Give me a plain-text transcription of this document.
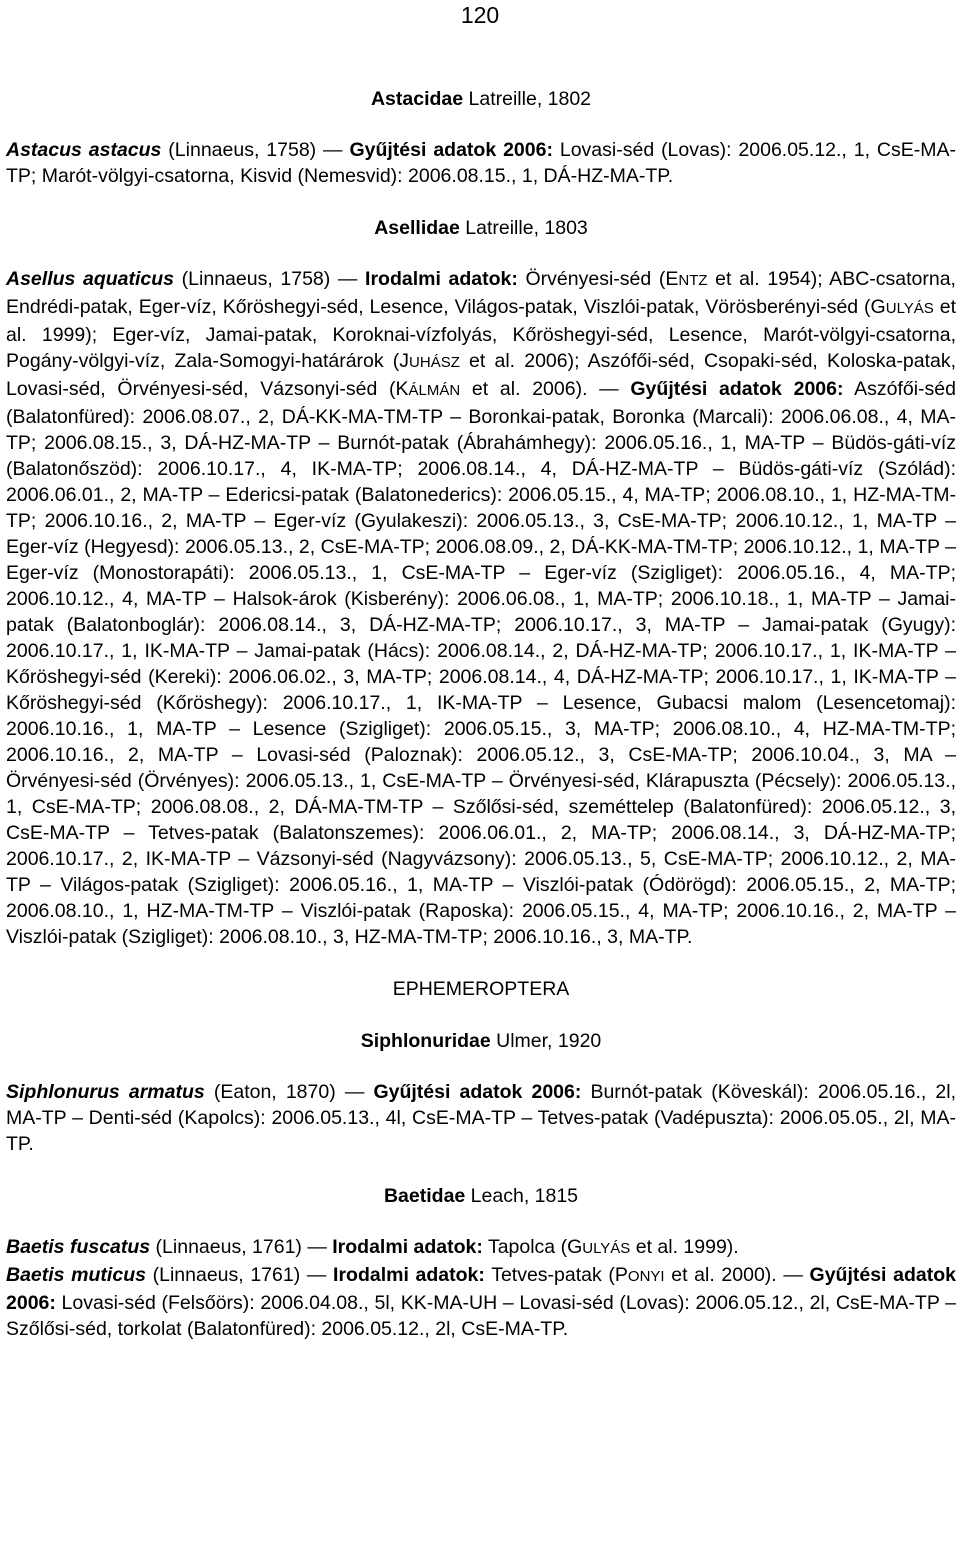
120
Astacidae Latreille, 1802

Astacus astacus (Linnaeus, 1758) — Gyűjtési adatok 2006: Lovasi-séd (Lovas): 2006.05.12., 1, CsE-MA-TP; Marót-völgyi-csatorna, Kisvid (Nemesvid): 2006.08.15., 1, DÁ-HZ-MA-TP.

Asellidae Latreille, 1803

Asellus aquaticus (Linnaeus, 1758) — Irodalmi adatok: Örvényesi-séd (ENTZ et al. 1954); ABC-csatorna, Endrédi-patak, Eger-víz, Kőröshegyi-séd, Lesence, Világos-patak, Viszlói-patak, Vörösberényi-séd (GULYÁS et al. 1999); Eger-víz, Jamai-patak, Koroknai-vízfolyás, Kőröshegyi-séd, Lesence, Marót-völgyi-csatorna, Pogány-völgyi-víz, Zala-Somogyi-határárok (JUHÁSZ et al. 2006); Aszófői-séd, Csopaki-séd, Koloska-patak, Lovasi-séd, Örvényesi-séd, Vázsonyi-séd (KÁLMÁN et al. 2006). — Gyűjtési adatok 2006: Aszófői-séd (Balatonfüred): 2006.08.07., 2, DÁ-KK-MA-TM-TP – Boronkai-patak, Boronka (Marcali): 2006.06.08., 4, MA-TP; 2006.08.15., 3, DÁ-HZ-MA-TP – Burnót-patak (Ábrahámhegy): 2006.05.16., 1, MA-TP – Büdös-gáti-víz (Balatonőszöd): 2006.10.17., 4, IK-MA-TP; 2006.08.14., 4, DÁ-HZ-MA-TP – Büdös-gáti-víz (Szólád): 2006.06.01., 2, MA-TP – Edericsi-patak (Balatonederics): 2006.05.15., 4, MA-TP; 2006.08.10., 1, HZ-MA-TM-TP; 2006.10.16., 2, MA-TP – Eger-víz (Gyulakeszi): 2006.05.13., 3, CsE-MA-TP; 2006.10.12., 1, MA-TP – Eger-víz (Hegyesd): 2006.05.13., 2, CsE-MA-TP; 2006.08.09., 2, DÁ-KK-MA-TM-TP; 2006.10.12., 1, MA-TP – Eger-víz (Monostorapáti): 2006.05.13., 1, CsE-MA-TP – Eger-víz (Szigliget): 2006.05.16., 4, MA-TP; 2006.10.12., 4, MA-TP – Halsok-árok (Kisberény): 2006.06.08., 1, MA-TP; 2006.10.18., 1, MA-TP – Jamai-patak (Balatonboglár): 2006.08.14., 3, DÁ-HZ-MA-TP; 2006.10.17., 3, MA-TP – Jamai-patak (Gyugy): 2006.10.17., 1, IK-MA-TP – Jamai-patak (Hács): 2006.08.14., 2, DÁ-HZ-MA-TP; 2006.10.17., 1, IK-MA-TP – Kőröshegyi-séd (Kereki): 2006.06.02., 3, MA-TP; 2006.08.14., 4, DÁ-HZ-MA-TP; 2006.10.17., 1, IK-MA-TP – Kőröshegyi-séd (Kőröshegy): 2006.10.17., 1, IK-MA-TP – Lesence, Gubacsi malom (Lesencetomaj): 2006.10.16., 1, MA-TP – Lesence (Szigliget): 2006.05.15., 3, MA-TP; 2006.08.10., 4, HZ-MA-TM-TP; 2006.10.16., 2, MA-TP – Lovasi-séd (Paloznak): 2006.05.12., 3, CsE-MA-TP; 2006.10.04., 3, MA – Örvényesi-séd (Örvényes): 2006.05.13., 1, CsE-MA-TP – Örvényesi-séd, Klárapuszta (Pécsely): 2006.05.13., 1, CsE-MA-TP; 2006.08.08., 2, DÁ-MA-TM-TP – Szőlősi-séd, szeméttelep (Balatonfüred): 2006.05.12., 3, CsE-MA-TP – Tetves-patak (Balatonszemes): 2006.06.01., 2, MA-TP; 2006.08.14., 3, DÁ-HZ-MA-TP; 2006.10.17., 2, IK-MA-TP – Vázsonyi-séd (Nagyvázsony): 2006.05.13., 5, CsE-MA-TP; 2006.10.12., 2, MA-TP – Világos-patak (Szigliget): 2006.05.16., 1, MA-TP – Viszlói-patak (Ódörögd): 2006.05.15., 2, MA-TP; 2006.08.10., 1, HZ-MA-TM-TP – Viszlói-patak (Raposka): 2006.05.15., 4, MA-TP; 2006.10.16., 2, MA-TP – Viszlói-patak (Szigliget): 2006.08.10., 3, HZ-MA-TM-TP; 2006.10.16., 3, MA-TP.

EPHEMEROPTERA
Siphlonuridae Ulmer, 1920

Siphlonurus armatus (Eaton, 1870) — Gyűjtési adatok 2006: Burnót-patak (Köveskál): 2006.05.16., 2l, MA-TP – Denti-séd (Kapolcs): 2006.05.13., 4l, CsE-MA-TP – Tetves-patak (Vadépuszta): 2006.05.05., 2l, MA-TP.

Baetidae Leach, 1815

Baetis fuscatus (Linnaeus, 1761) — Irodalmi adatok: Tapolca (GULYÁS et al. 1999).

Baetis muticus (Linnaeus, 1761) — Irodalmi adatok: Tetves-patak (PONYI et al. 2000). — Gyűjtési adatok 2006: Lovasi-séd (Felsőörs): 2006.04.08., 5l, KK-MA-UH – Lovasi-séd (Lovas): 2006.05.12., 2l, CsE-MA-TP – Szőlősi-séd, torkolat (Balatonfüred): 2006.05.12., 2l, CsE-MA-TP.
